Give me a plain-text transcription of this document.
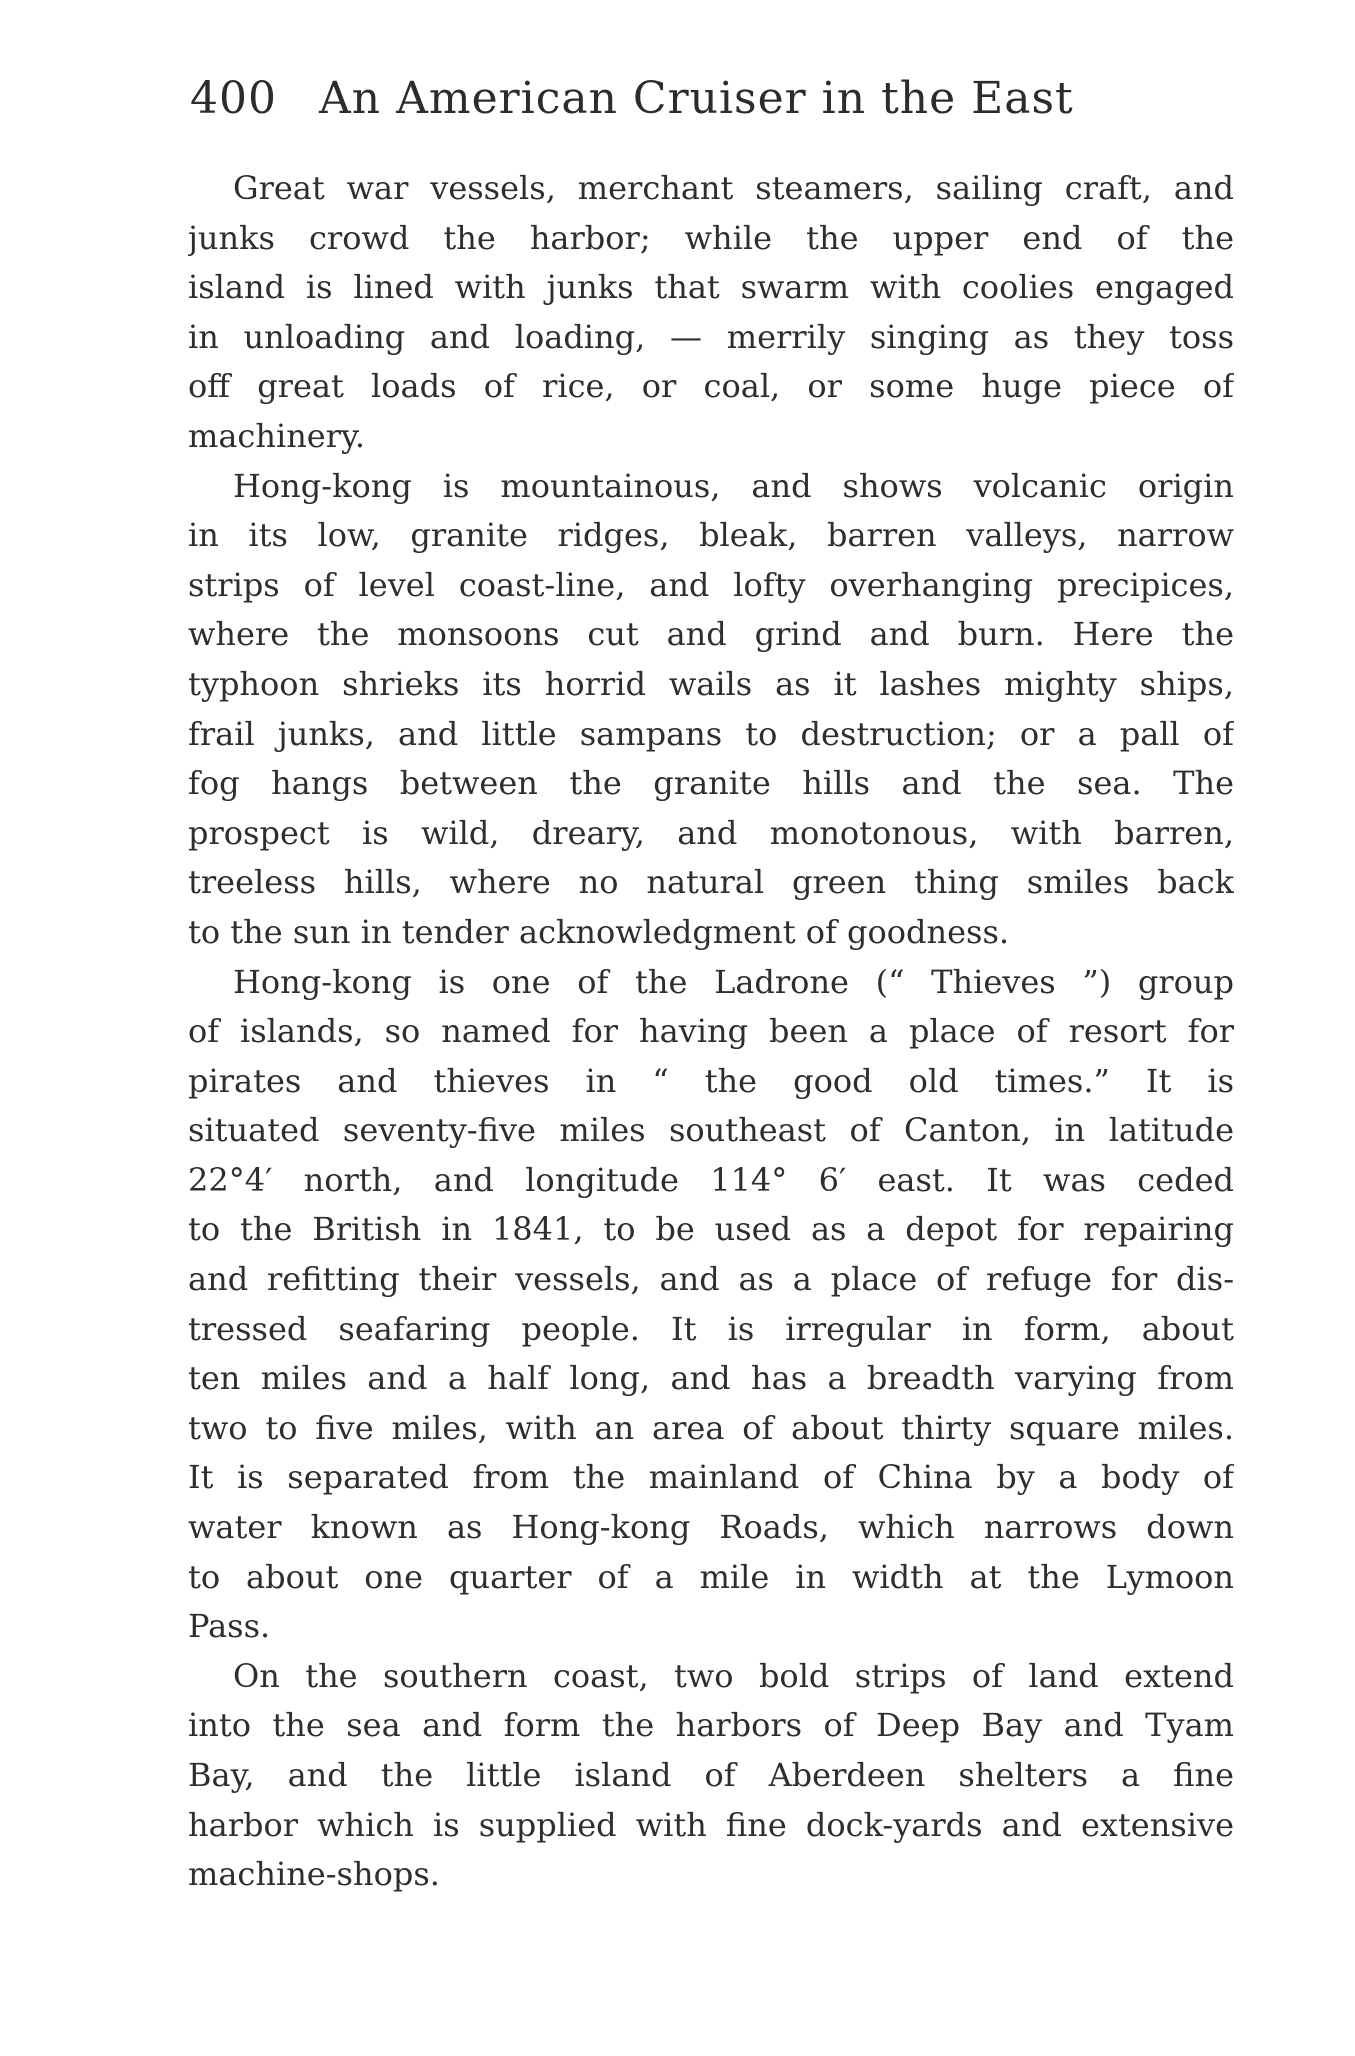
400 An American Cruiser in the East
Great war vessels, merchant steamers, sailing craft, and
junks crowd the harbor; while the upper end of the
island is lined with junks that swarm with coolies engaged
in unloading and loading, — merrily singing as they toss
off great loads of rice, or coal, or some huge piece of
machinery.
Hong-kong is mountainous, and shows volcanic origin
in its low, granite ridges, bleak, barren valleys, narrow
strips of level coast-line, and lofty overhanging precipices,
where the monsoons cut and grind and burn. Here the
typhoon shrieks its horrid wails as it lashes mighty ships,
frail junks, and little sampans to destruction; or a pall of
fog hangs between the granite hills and the sea. The
prospect is wild, dreary, and monotonous, with barren,
treeless hills, where no natural green thing smiles back
to the sun in tender acknowledgment of goodness.
Hong-kong is one of the Ladrone (“ Thieves ”) group
of islands, so named for having been a place of resort for
pirates and thieves in “ the good old times.” It is
situated seventy-five miles southeast of Canton, in latitude
22°4′ north, and longitude 114° 6′ east. It was ceded
to the British in 1841, to be used as a depot for repairing
and refitting their vessels, and as a place of refuge for dis-
tressed seafaring people. It is irregular in form, about
ten miles and a half long, and has a breadth varying from
two to five miles, with an area of about thirty square miles.
It is separated from the mainland of China by a body of
water known as Hong-kong Roads, which narrows down
to about one quarter of a mile in width at the Lymoon
Pass.
On the southern coast, two bold strips of land extend
into the sea and form the harbors of Deep Bay and Tyam
Bay, and the little island of Aberdeen shelters a fine
harbor which is supplied with fine dock-yards and extensive
machine-shops.
